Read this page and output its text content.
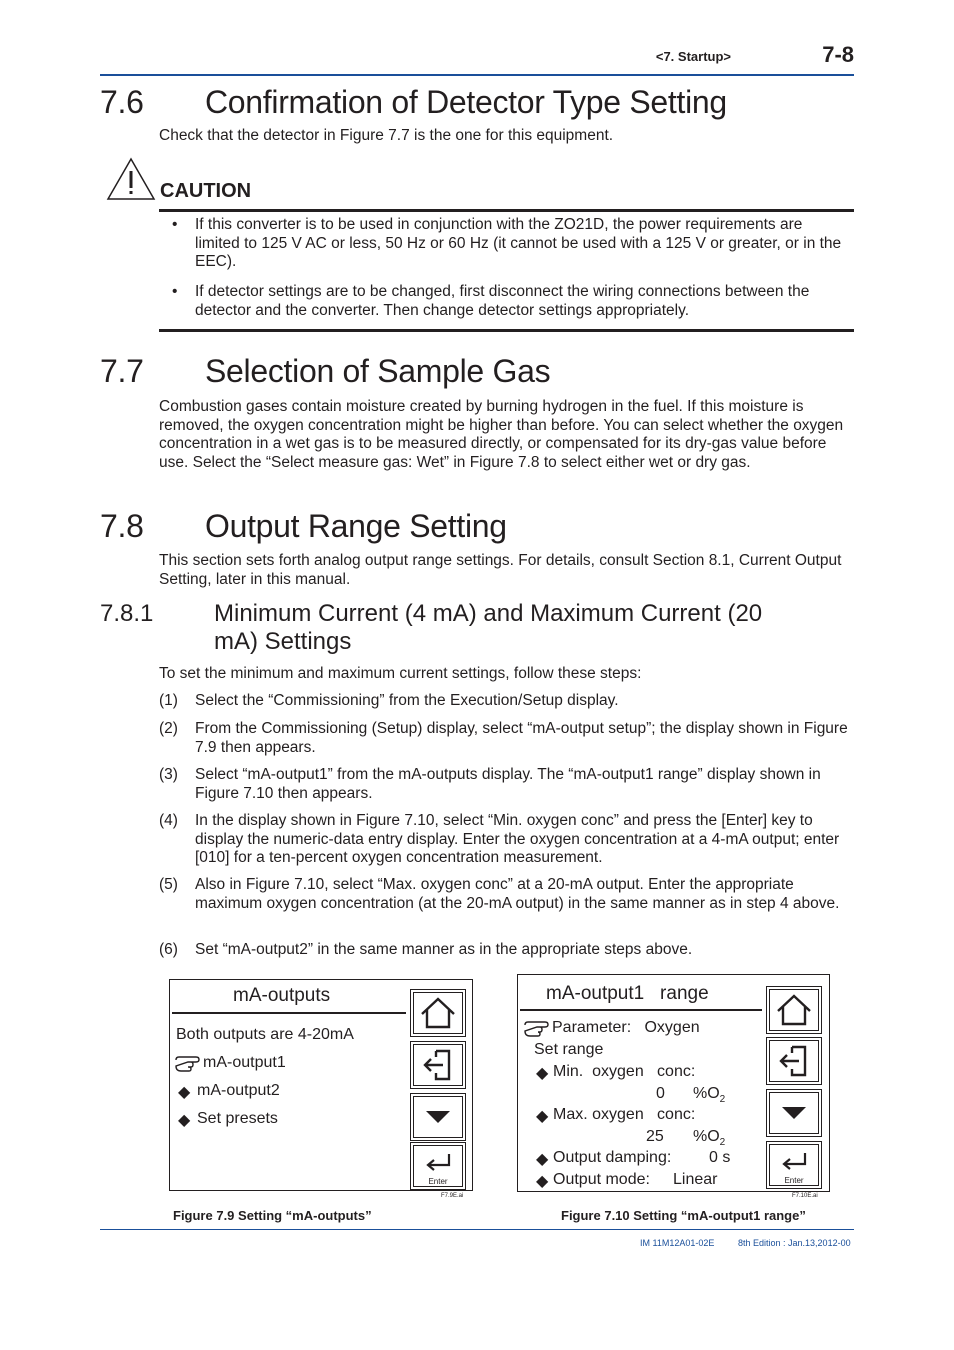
<7. Startup>	7-8
7.6 Confirmation of Detector Type Setting
Check that the detector in Figure 7.7 is the one for this equipment.
CAUTION
• If this converter is to be used in conjunction with the ZO21D, the power requirements are limited to 125 V AC or less, 50 Hz or 60 Hz (it cannot be used with a 125 V or greater, or in the EEC).
• If detector settings are to be changed, first disconnect the wiring connections between the detector and the converter. Then change detector settings appropriately.
7.7 Selection of Sample Gas
Combustion gases contain moisture created by burning hydrogen in the fuel. If this moisture is removed, the oxygen concentration might be higher than before. You can select whether the oxygen concentration in a wet gas is to be measured directly, or compensated for its dry-gas value before use. Select the “Select measure gas: Wet” in Figure 7.8 to select either wet or dry gas.
7.8 Output Range Setting
This section sets forth analog output range settings. For details, consult Section 8.1, Current Output Setting, later in this manual.
7.8.1	Minimum Current (4 mA) and Maximum Current (20
mA) Settings
To set the minimum and maximum current settings, follow these steps:
(1) Select the “Commissioning” from the Execution/Setup display.
(2) From the Commissioning (Setup) display, select “mA-output setup”; the display shown in Figure 7.9 then appears.
(3) Select “mA-output1” from the mA-outputs display. The “mA-output1 range” display shown in Figure 7.10 then appears.
(4) In the display shown in Figure 7.10, select “Min. oxygen conc” and press the [Enter] key to display the numeric-data entry display. Enter the oxygen concentration at a 4-mA output; enter [010] for a ten-percent oxygen concentration measurement.
(5) Also in Figure 7.10, select “Max. oxygen conc” at a 20-mA output. Enter the appropriate maximum oxygen concentration (at the 20-mA output) in the same manner as in step 4 above.
(6) Set “mA-output2” in the same manner as in the appropriate steps above.
mA-outputs
Both outputs are 4-20mA
mA-output1
◆ mA-output2
◆ Set presets
Enter
F7.9E.ai
Figure 7.9 Setting “mA-outputs”
mA-output1   range
Parameter:   Oxygen
Set range
◆ Min.  oxygen   conc:
0 $\%O_2$
◆ Max. oxygen   conc:
25 $\%O_2$
◆ Output damping: 0 s
◆ Output mode: Linear	Enter
F7.10E.ai
Figure 7.10 Setting “mA-output1 range”
IM 11M12A01-02E	8th Edition : Jan.13,2012-00
